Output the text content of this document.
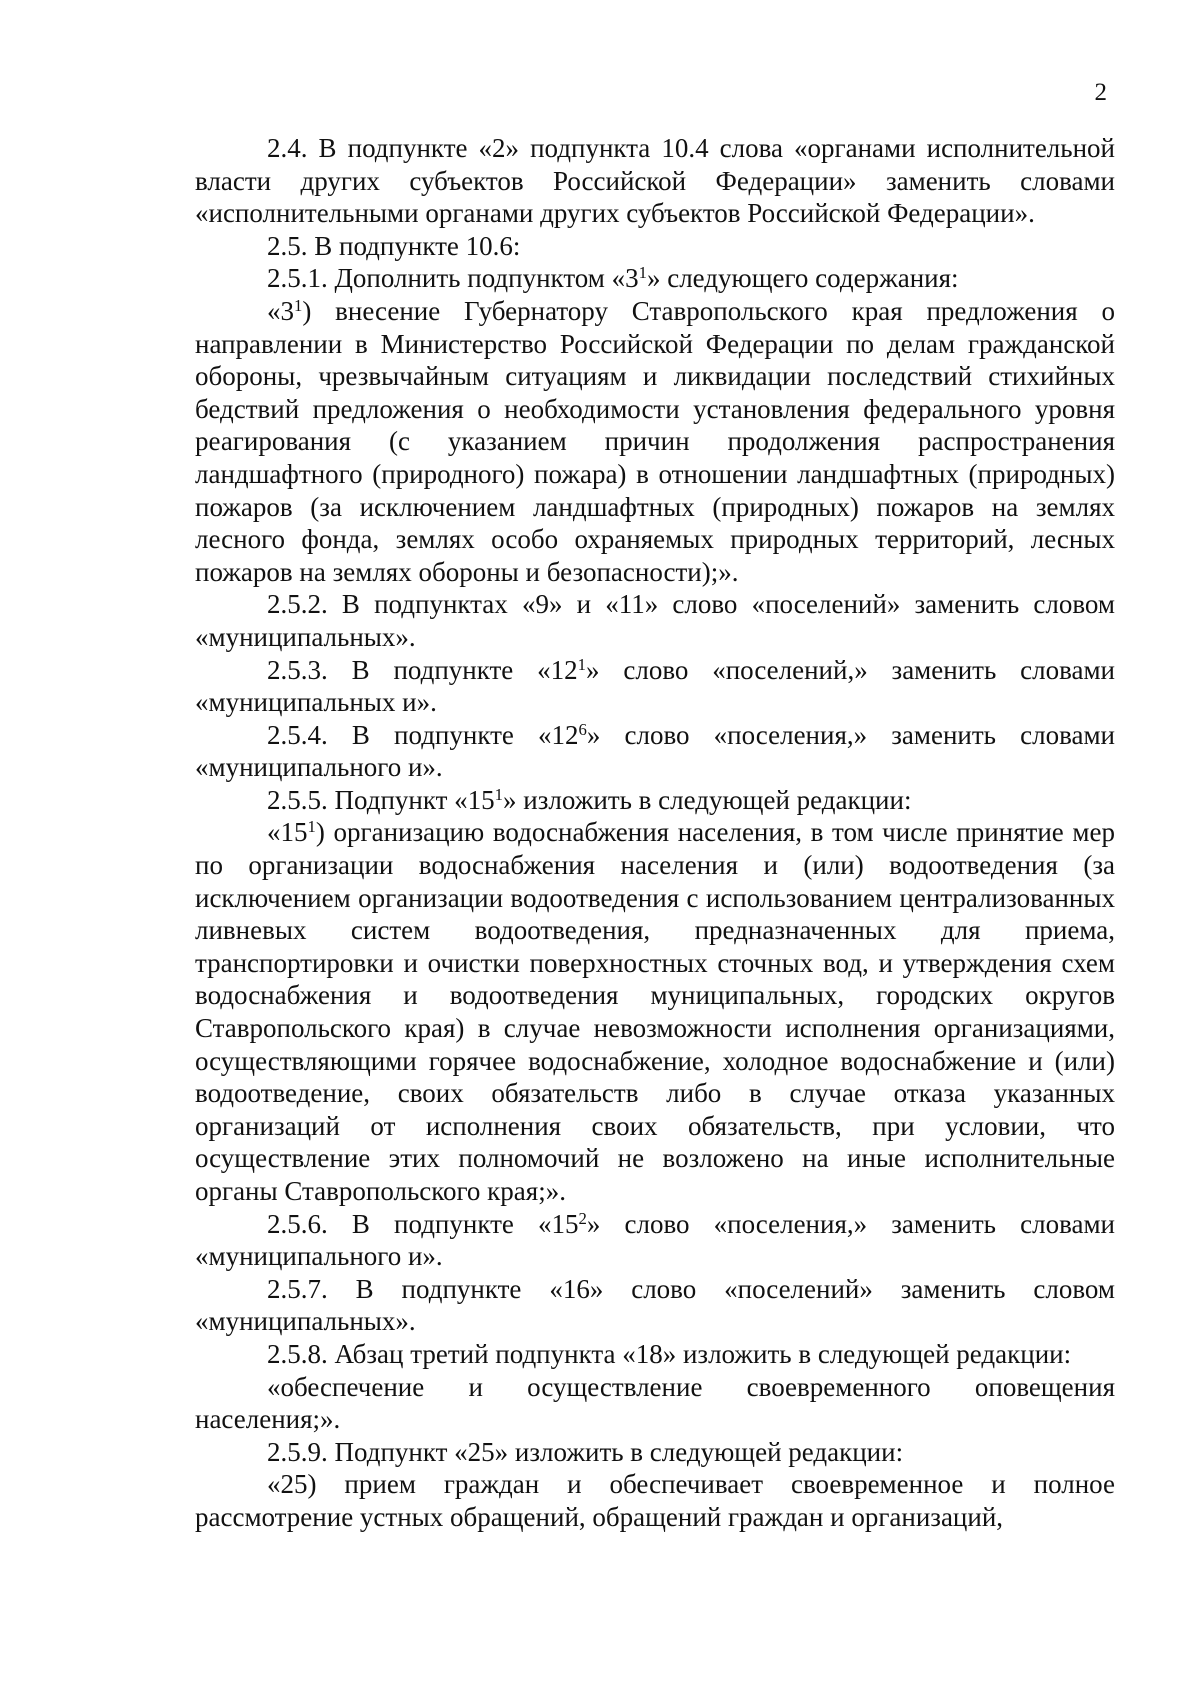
2

2.4. В подпункте «2» подпункта 10.4 слова «органами исполнительной власти других субъектов Российской Федерации» заменить словами «исполнительными органами других субъектов Российской Федерации».

2.5. В подпункте 10.6:

2.5.1. Дополнить подпунктом «$3^1$» следующего содержания:

«$3^1$) внесение Губернатору Ставропольского края предложения о направлении в Министерство Российской Федерации по делам гражданской обороны, чрезвычайным ситуациям и ликвидации последствий стихийных бедствий предложения о необходимости установления федерального уровня реагирования (с указанием причин продолжения распространения ландшафтного (природного) пожара) в отношении ландшафтных (природных) пожаров (за исключением ландшафтных (природных) пожаров на землях лесного фонда, землях особо охраняемых природных территорий, лесных пожаров на землях обороны и безопасности);».

2.5.2. В подпунктах «9» и «11» слово «поселений» заменить словом «муниципальных».

2.5.3. В подпункте «$12^1$» слово «поселений,» заменить словами «муниципальных и».

2.5.4. В подпункте «$12^6$» слово «поселения,» заменить словами «муниципального и».

2.5.5. Подпункт «$15^1$» изложить в следующей редакции:

«$15^1$) организацию водоснабжения населения, в том числе принятие мер по организации водоснабжения населения и (или) водоотведения (за исключением организации водоотведения с использованием централизованных ливневых систем водоотведения, предназначенных для приема, транспортировки и очистки поверхностных сточных вод, и утверждения схем водоснабжения и водоотведения муниципальных, городских округов Ставропольского края) в случае невозможности исполнения организациями, осуществляющими горячее водоснабжение, холодное водоснабжение и (или) водоотведение, своих обязательств либо в случае отказа указанных организаций от исполнения своих обязательств, при условии, что осуществление этих полномочий не возложено на иные исполнительные органы Ставропольского края;».

2.5.6. В подпункте «$15^2$» слово «поселения,» заменить словами «муниципального и».

2.5.7. В подпункте «16» слово «поселений» заменить словом «муниципальных».

2.5.8. Абзац третий подпункта «18» изложить в следующей редакции:

«обеспечение и осуществление своевременного оповещения населения;».

2.5.9. Подпункт «25» изложить в следующей редакции:

«25) прием граждан и обеспечивает своевременное и полное рассмотрение устных обращений, обращений граждан и организаций,
